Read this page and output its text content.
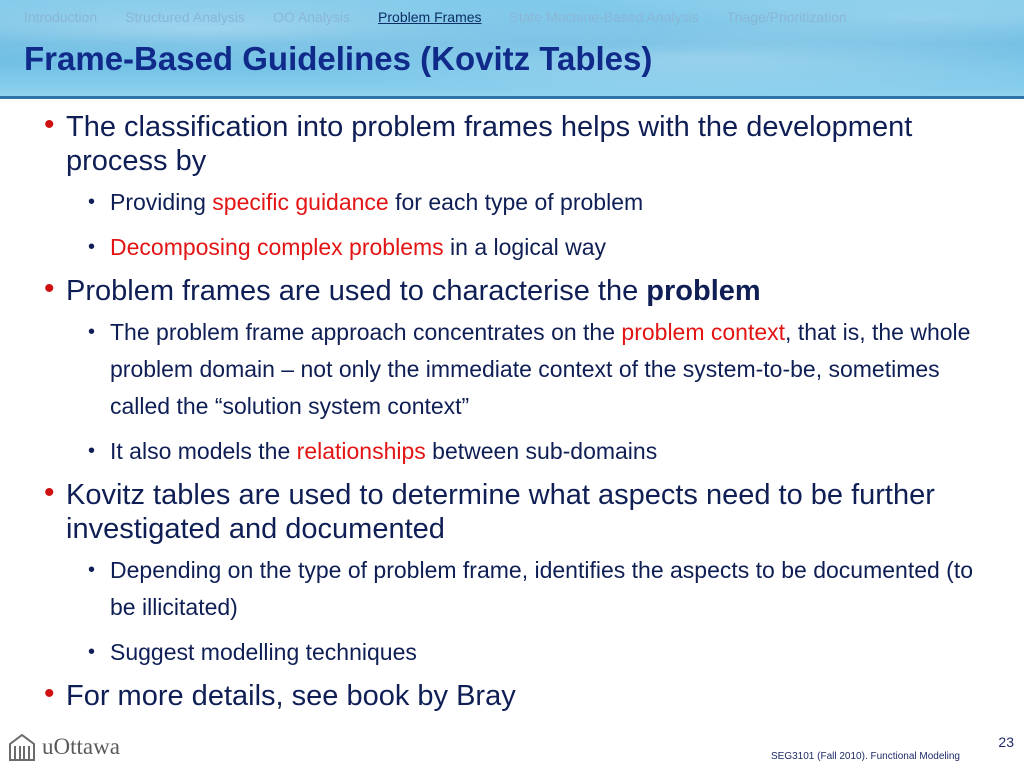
Introduction Structured Analysis OO Analysis Problem Frames State Machine-Based Analysis Triage/Prioritization
Frame-Based Guidelines (Kovitz Tables)
• The classification into problem frames helps with the development process by
• Providing specific guidance for each type of problem
• Decomposing complex problems in a logical way
• Problem frames are used to characterise the problem
• The problem frame approach concentrates on the problem context, that is, the whole problem domain – not only the immediate context of the system-to-be, sometimes called the “solution system context”
• It also models the relationships between sub-domains
• Kovitz tables are used to determine what aspects need to be further investigated and documented
• Depending on the type of problem frame, identifies the aspects to be documented (to be illicitated)
• Suggest modelling techniques
• For more details, see book by Bray
uOttawa	23
SEG3101 (Fall 2010). Functional Modeling
